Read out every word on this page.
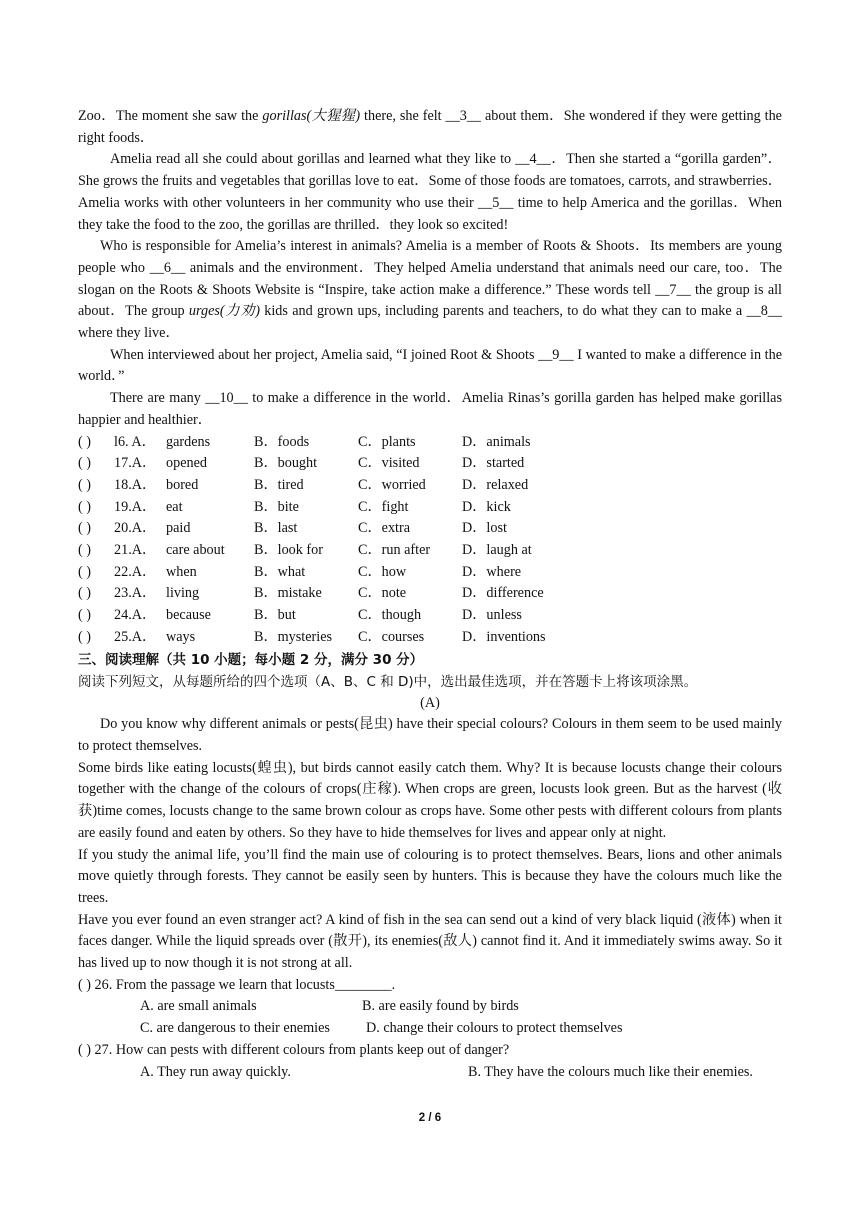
Zoo．The moment she saw the gorillas(大猩猩) there, she felt __3__ about them．She wondered if they were getting the right foods．

Amelia read all she could about gorillas and learned what they like to __4__．Then she started a “gorilla garden”．She grows the fruits and vegetables that gorillas love to eat．Some of those foods are tomatoes, carrots, and strawberries．Amelia works with other volunteers in her community who use their __5__ time to help America and the gorillas．When they take the food to the zoo, the gorillas are thrilled．they look so excited!

Who is responsible for Amelia’s interest in animals? Amelia is a member of Roots & Shoots．Its members are young people who __6__ animals and the environment．They helped Amelia understand that animals need our care, too．The slogan on the Roots & Shoots Website is “Inspire, take action make a difference.” These words tell __7__ the group is all about．The group urges(力劝) kids and grown ups, including parents and teachers, to do what they can to make a __8__ where they live．

When interviewed about her project, Amelia said, “I joined Root & Shoots __9__ I wanted to make a difference in the world．”

There are many __10__ to make a difference in the world．Amelia Rinas’s gorilla garden has helped make gorillas happier and healthier．

( )	l6. A． gardens	B．foods	C．plants	D．animals
( )	17.A． opened	B．bought	C．visited	D．started
( )	18.A． bored	B．tired	C．worried	D．relaxed
( )	19.A． eat	B．bite	C．fight	D．kick
( )	20.A． paid	B．last	C．extra	D．lost
( )	21.A． care about	B．look for	C．run after	D．laugh at
( )	22.A． when	B．what	C．how	D．where
( )	23.A． living	B．mistake	C．note	D．difference
( )	24.A． because	B．but	C．though	D．unless
( )	25.A． ways	B．mysteries	C．courses	D．inventions
三、阅读理解（共 10 小题；每小题 2 分，满分 30 分）
阅读下列短文，从每题所给的四个选项（A、B、C 和 D)中，选出最佳选项，并在答题卡上将该项涂黑。
(A)

Do you know why different animals or pests(昆虫) have their special colours? Colours in them seem to be used mainly to protect themselves.

Some birds like eating locusts(蝗虫), but birds cannot easily catch them. Why? It is because locusts change their colours together with the change of the colours of crops(庄稼). When crops are green, locusts look green. But as the harvest (收获)time comes, locusts change to the same brown colour as crops have. Some other pests with different colours from plants are easily found and eaten by others. So they have to hide themselves for lives and appear only at night.

If you study the animal life, you’ll find the main use of colouring is to protect themselves. Bears, lions and other animals move quietly through forests. They cannot be easily seen by hunters. This is because they have the colours much like the trees.

Have you ever found an even stranger act? A kind of fish in the sea can send out a kind of very black liquid (液体) when it faces danger. While the liquid spreads over (散开), its enemies(敌人) cannot find it. And it immediately swims away. So it has lived up to now though it is not strong at all.

( ) 26. From the passage we learn that locusts________.
A. are small animals	B. are easily found by birds
C. are dangerous to their enemies	D. change their colours to protect themselves
( ) 27. How can pests with different colours from plants keep out of danger?
A. They run away quickly.	B. They have the colours much like their enemies.
2 / 6
